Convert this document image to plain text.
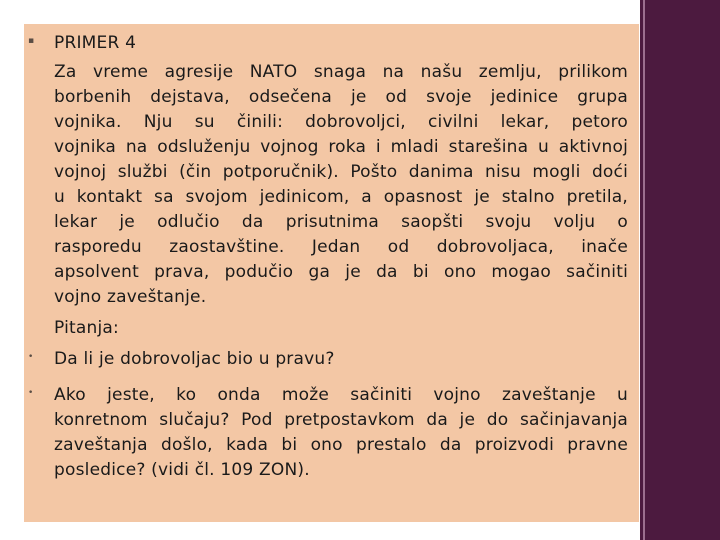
▪ PRIMER 4
Za vreme agresije NATO snaga na našu zemlju, prilikom
borbenih dejstava, odsečena je od svoje jedinice grupa
vojnika. Nju su činili: dobrovoljci, civilni lekar, petoro
vojnika na odsluženju vojnog roka i mladi starešina u aktivnoj
vojnoj službi (čin potporučnik). Pošto danima nisu mogli doći
u kontakt sa svojom jedinicom, a opasnost je stalno pretila,
lekar je odlučio da prisutnima saopšti svoju volju o
rasporedu zaostavštine. Jedan od dobrovoljaca, inače
apsolvent prava, podučio ga je da bi ono mogao sačiniti
vojno zaveštanje.
Pitanja:
• Da li je dobrovoljac bio u pravu?
• Ako jeste, ko onda može sačiniti vojno zaveštanje u
konretnom slučaju? Pod pretpostavkom da je do sačinjavanja
zaveštanja došlo, kada bi ono prestalo da proizvodi pravne
posledice? (vidi čl. 109 ZON).
